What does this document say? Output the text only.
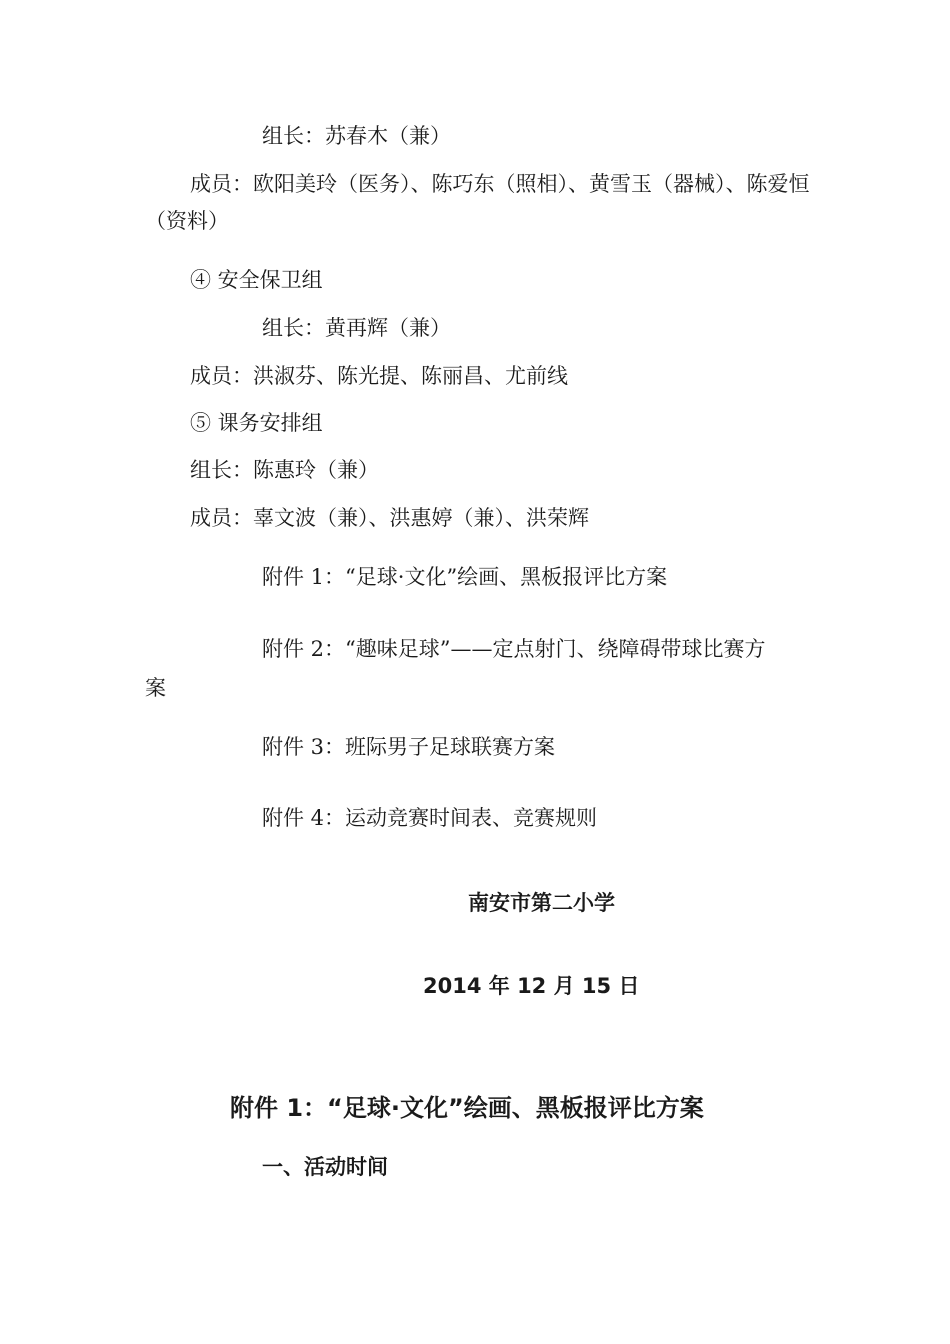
组长：苏春木（兼）
成员：欧阳美玲（医务）、陈巧东（照相）、黄雪玉（器械）、陈爱恒
（资料）
④ 安全保卫组
组长：黄再辉（兼）
成员：洪淑芬、陈光提、陈丽昌、尤前线
⑤ 课务安排组
组长：陈惠玲（兼）
成员：辜文波（兼）、洪惠婷（兼）、洪荣辉
附件 1：“足球·文化”绘画、黑板报评比方案
附件 2：“趣味足球”——定点射门、绕障碍带球比赛方
案
附件 3：班际男子足球联赛方案
附件 4：运动竞赛时间表、竞赛规则
南安市第二小学
2014 年 12 月 15 日
附件 1：“足球·文化”绘画、黑板报评比方案
一、活动时间
